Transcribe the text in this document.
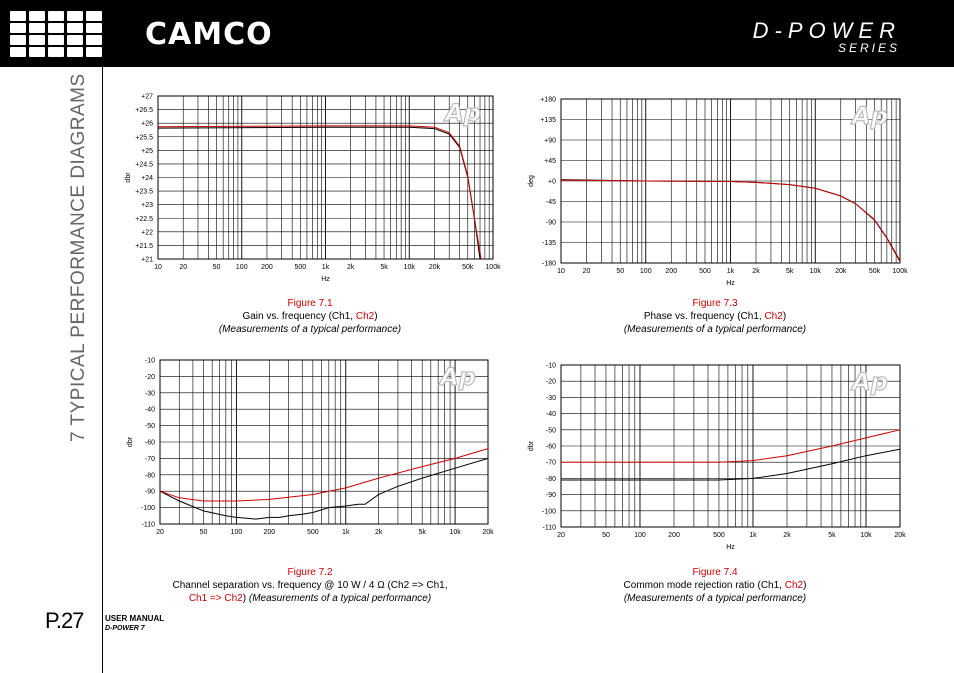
CAMCO	D-POWER
SERIES
7 TYPICAL PERFORMANCE DIAGRAMS
P.27	USER MANUAL
D-POWER 7
+27
+26.5
+26
+25.5
+25
+24.5
+24
+23.5
+23
+22.5
+22
+21.5
+21
10 20	50 100 200	500 1k	2k	5k 10k 20k	50k 100k
Hz
dbr
Ap
-10
-20
-30
-40
-50
-60
-70
-80
-90
-100
-110
20	50	100	200	500	1k	2k	5k	10k	20k
dbr
Ap
+180
+135
+90
+45
+0
-45
-90
-135
-180
10	20	50 100 200	500 1k	2k	5k 10k 20k	50k 100k
Hz
deg
Ap
-10
-20
-30
-40
-50
-60
-70
-80
-90
-100
-110
20	50	100	200	500	1k	2k	5k	10k	20k
Hz
dbr
Ap
Figure 7.1
Gain vs. frequency (Ch1, Ch2)
(Measurements of a typical performance)
Figure 7.2
Channel separation vs. frequency @ 10 W / 4 Ω (Ch2 => Ch1,
Ch1 => Ch2) (Measurements of a typical performance)
Figure 7.3
Phase vs. frequency (Ch1, Ch2)
(Measurements of a typical performance)
Figure 7.4
Common mode rejection ratio (Ch1, Ch2)
(Measurements of a typical performance)
